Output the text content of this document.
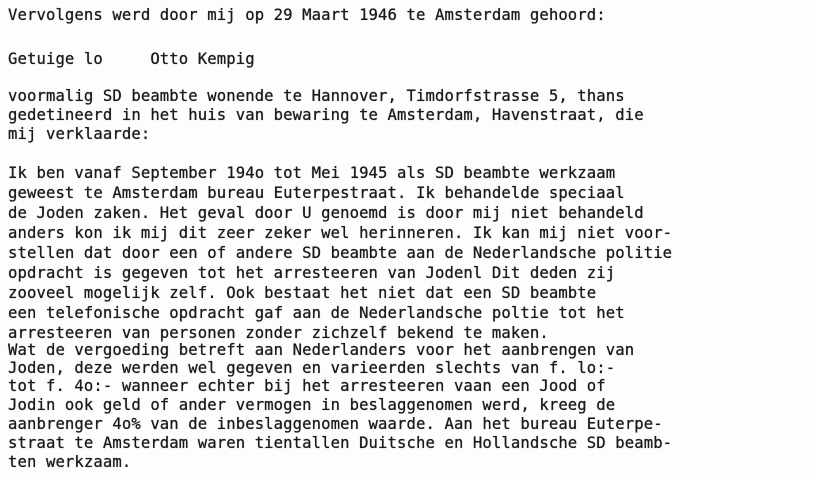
Vervolgens werd door mij op 29 Maart 1946 te Amsterdam gehoord:
Getuige lo     Otto Kempig
voormalig SD beambte wonende te Hannover, Timdorfstrasse 5, thans
gedetineerd in het huis van bewaring te Amsterdam, Havenstraat, die
mij verklaarde:
Ik ben vanaf September 194o tot Mei 1945 als SD beambte werkzaam
geweest te Amsterdam bureau Euterpestraat. Ik behandelde speciaal
de Joden zaken. Het geval door U genoemd is door mij niet behandeld
anders kon ik mij dit zeer zeker wel herinneren. Ik kan mij niet voor-
stellen dat door een of andere SD beambte aan de Nederlandsche politie
opdracht is gegeven tot het arresteeren van Jodenl Dit deden zij
zooveel mogelijk zelf. Ook bestaat het niet dat een SD beambte
een telefonische opdracht gaf aan de Nederlandsche poltie tot het
arresteeren van personen zonder zichzelf bekend te maken.
Wat de vergoeding betreft aan Nederlanders voor het aanbrengen van
Joden, deze werden wel gegeven en varieerden slechts van f. lo:-
tot f. 4o:- wanneer echter bij het arresteeren vaan een Jood of
Jodin ook geld of ander vermogen in beslaggenomen werd, kreeg de
aanbrenger 4o% van de inbeslaggenomen waarde. Aan het bureau Euterpe-
straat te Amsterdam waren tientallen Duitsche en Hollandsche SD beamb-
ten werkzaam.
